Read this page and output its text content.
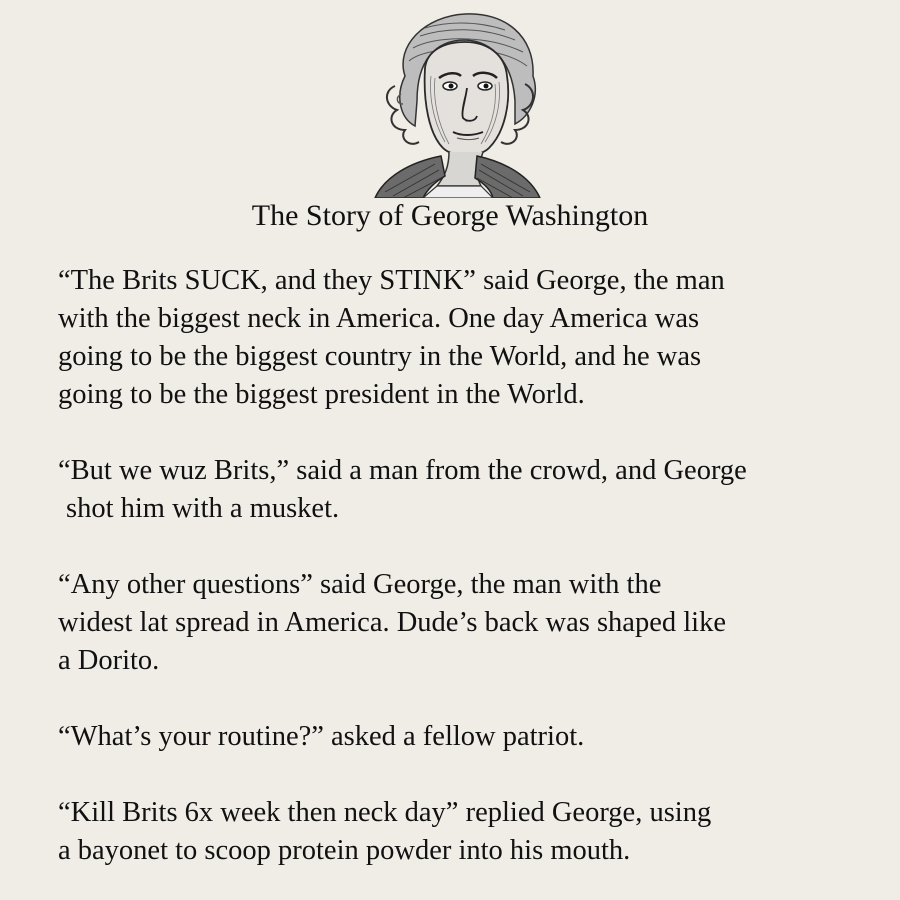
The Story of George Washington

“The Brits SUCK, and they STINK” said George, the man
with the biggest neck in America. One day America was
going to be the biggest country in the World, and he was
going to be the biggest president in the World.

“But we wuz Brits,” said a man from the crowd, and George
shot him with a musket.

“Any other questions” said George, the man with the
widest lat spread in America. Dude’s back was shaped like
a Dorito.

“What’s your routine?” asked a fellow patriot.

“Kill Brits 6x week then neck day” replied George, using
a bayonet to scoop protein powder into his mouth.
